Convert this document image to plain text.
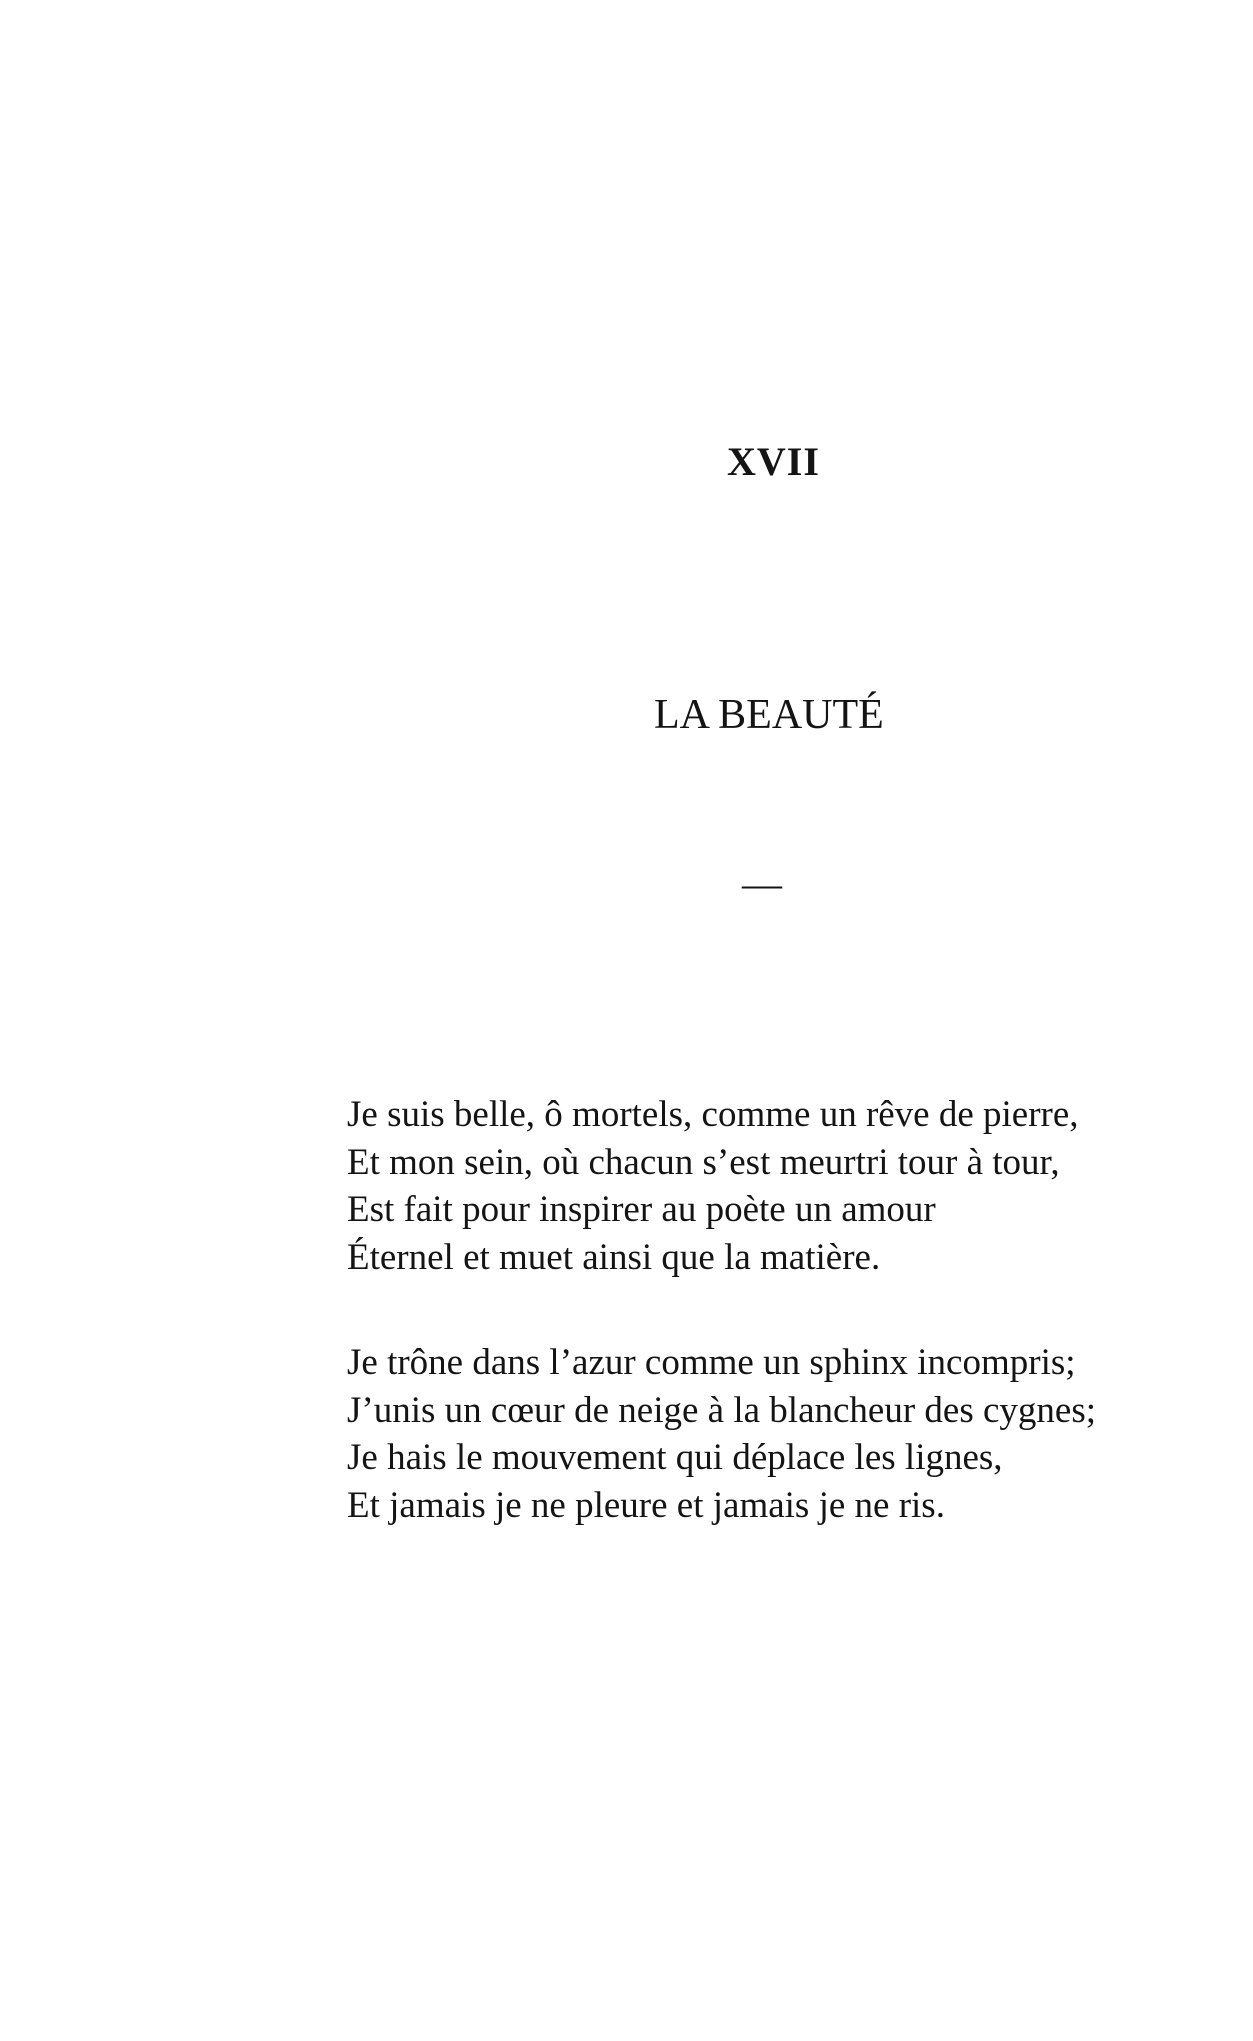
XVII
LA BEAUTÉ
—

Je suis belle, ô mortels, comme un rêve de pierre,
Et mon sein, où chacun s’est meurtri tour à tour,
Est fait pour inspirer au poète un amour
Éternel et muet ainsi que la matière.

Je trône dans l’azur comme un sphinx incompris;
J’unis un cœur de neige à la blancheur des cygnes;
Je hais le mouvement qui déplace les lignes,
Et jamais je ne pleure et jamais je ne ris.
